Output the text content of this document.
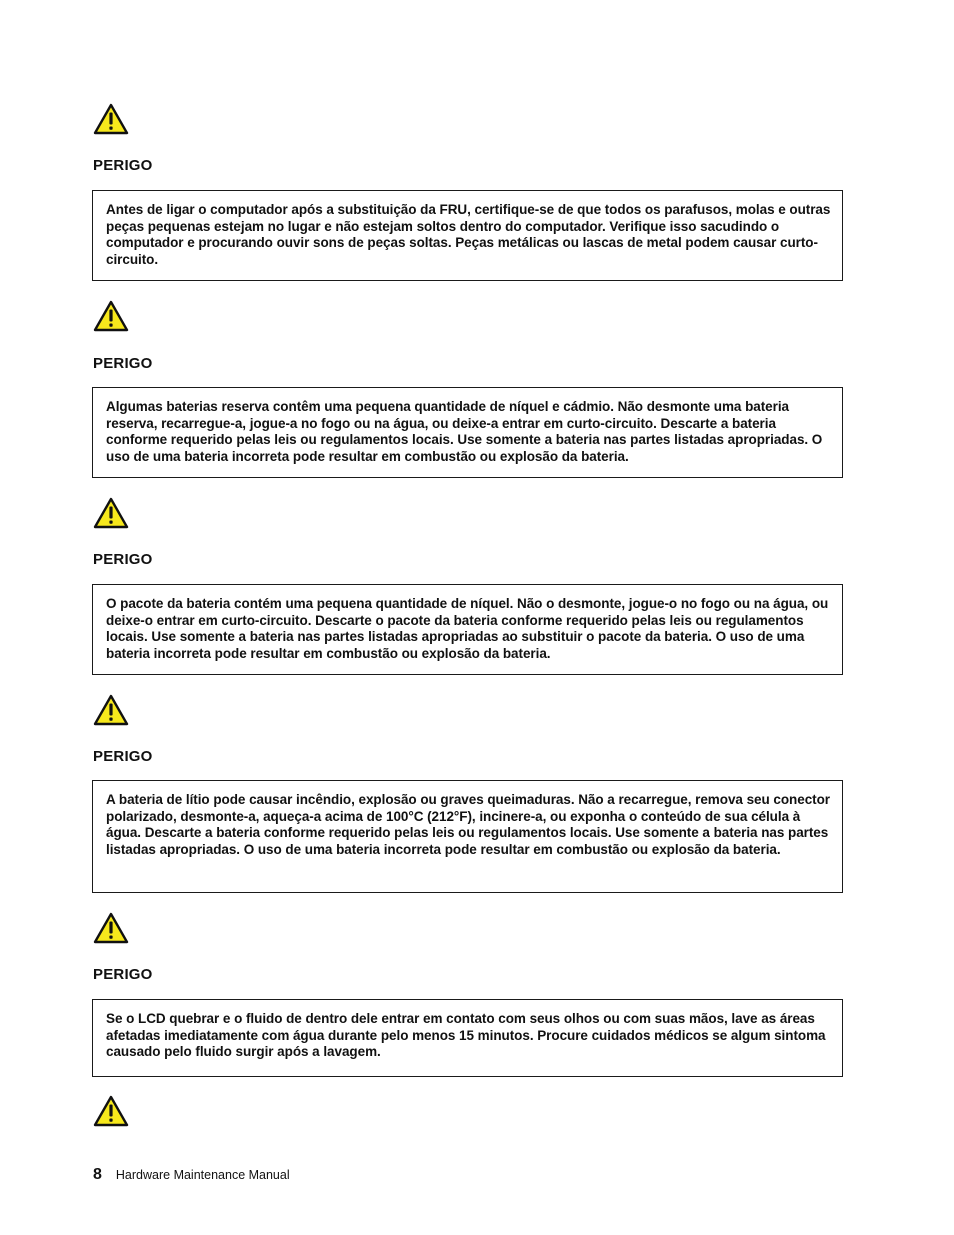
PERIGO

Antes de ligar o computador após a substituição da FRU, certifique-se de que todos os parafusos, molas e outras peças pequenas estejam no lugar e não estejam soltos dentro do computador. Verifique isso sacudindo o computador e procurando ouvir sons de peças soltas. Peças metálicas ou lascas de metal podem causar curto-circuito.

PERIGO

Algumas baterias reserva contêm uma pequena quantidade de níquel e cádmio. Não desmonte uma bateria reserva, recarregue-a, jogue-a no fogo ou na água, ou deixe-a entrar em curto-circuito. Descarte a bateria conforme requerido pelas leis ou regulamentos locais. Use somente a bateria nas partes listadas apropriadas. O uso de uma bateria incorreta pode resultar em combustão ou explosão da bateria.

PERIGO

O pacote da bateria contém uma pequena quantidade de níquel. Não o desmonte, jogue-o no fogo ou na água, ou deixe-o entrar em curto-circuito. Descarte o pacote da bateria conforme requerido pelas leis ou regulamentos locais. Use somente a bateria nas partes listadas apropriadas ao substituir o pacote da bateria. O uso de uma bateria incorreta pode resultar em combustão ou explosão da bateria.

PERIGO

A bateria de lítio pode causar incêndio, explosão ou graves queimaduras. Não a recarregue, remova seu conector polarizado, desmonte-a, aqueça-a acima de 100°C (212°F), incinere-a, ou exponha o conteúdo de sua célula à água. Descarte a bateria conforme requerido pelas leis ou regulamentos locais. Use somente a bateria nas partes listadas apropriadas. O uso de uma bateria incorreta pode resultar em combustão ou explosão da bateria.

PERIGO

Se o LCD quebrar e o fluido de dentro dele entrar em contato com seus olhos ou com suas mãos, lave as áreas afetadas imediatamente com água durante pelo menos 15 minutos. Procure cuidados médicos se algum sintoma causado pelo fluido surgir após a lavagem.

8 Hardware Maintenance Manual
